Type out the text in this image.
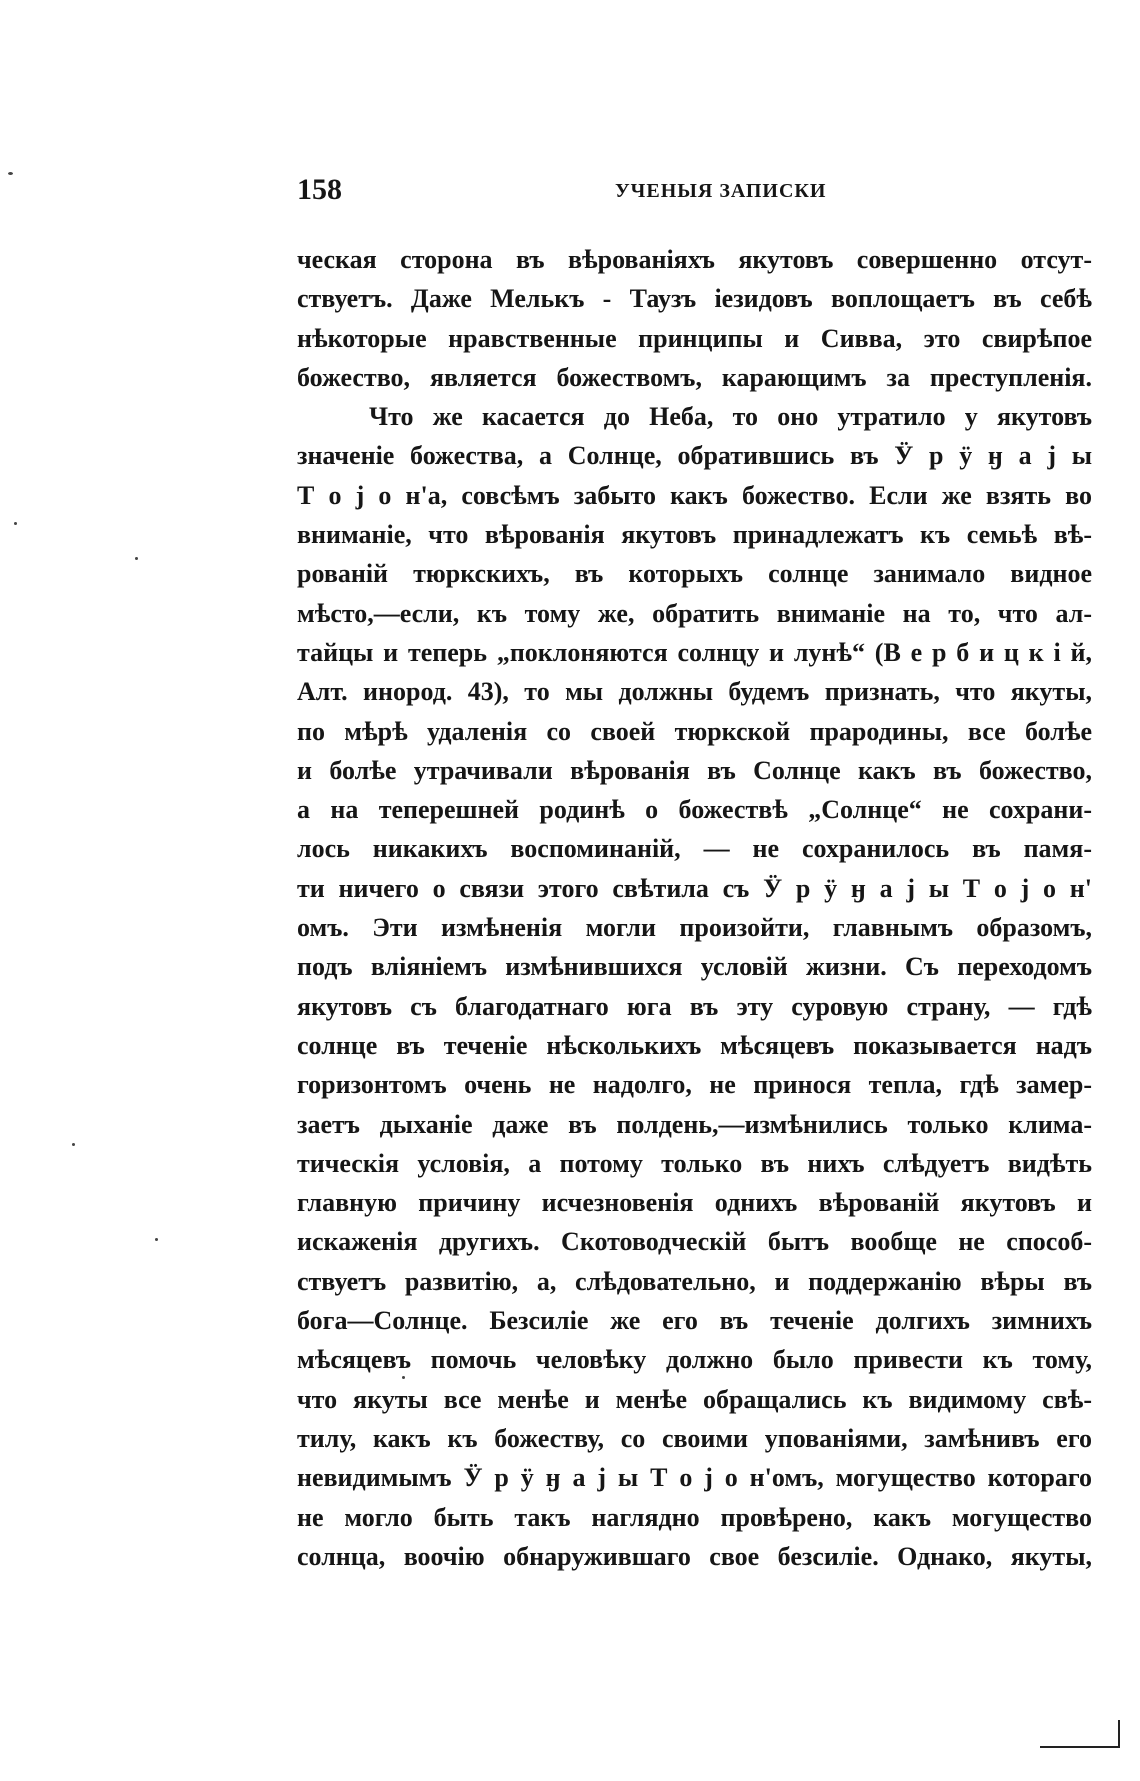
158	УЧЕНЫЯ ЗАПИСКИ
ческая сторона въ вѣрованіяхъ якутовъ совершенно отсут-
ствуетъ. Даже Мелькъ - Таузъ іезидовъ воплощаетъ въ себѣ
нѣкоторые нравственные принципы и Сивва, это свирѣпое
божество, является божествомъ, карающимъ за преступленія.
Что же касается до Неба, то оно утратило у якутовъ
значеніе божества, а Солнце, обратившись въ Ӱ р ӱ ӈ а ј ы
Т о ј о н'а, совсѣмъ забыто какъ божество. Если же взять во
вниманіе, что вѣрованія якутовъ принадлежатъ къ семьѣ вѣ-
рованій тюркскихъ, въ которыхъ солнце занимало видное
мѣсто,—если, къ тому же, обратить вниманіе на то, что ал-
тайцы и теперь „поклоняются солнцу и лунѣ“ (В е р б и ц к і й,
Алт. инород. 43), то мы должны будемъ признать, что якуты,
по мѣрѣ удаленія со своей тюркской прародины, все болѣе
и болѣе утрачивали вѣрованія въ Солнце какъ въ божество,
а на теперешней родинѣ о божествѣ „Солнце“ не сохрани-
лось никакихъ воспоминаній, — не сохранилось въ памя-
ти ничего о связи этого свѣтила съ Ӱ р ӱ ӈ а ј ы Т о ј о н'
омъ. Эти измѣненія могли произойти, главнымъ образомъ,
подъ вліяніемъ измѣнившихся условій жизни. Съ переходомъ
якутовъ съ благодатнаго юга въ эту суровую страну, — гдѣ
солнце въ теченіе нѣсколькихъ мѣсяцевъ показывается надъ
горизонтомъ очень не надолго, не принося тепла, гдѣ замер-
заетъ дыханіе даже въ полдень,—измѣнились только клима-
тическія условія, а потому только въ нихъ слѣдуетъ видѣть
главную причину исчезновенія однихъ вѣрованій якутовъ и
искаженія другихъ. Скотоводческій бытъ вообще не способ-
ствуетъ развитію, а, слѣдовательно, и поддержанію вѣры въ
бога—Солнце. Безсиліе же его въ теченіе долгихъ зимнихъ
мѣсяцевъ помочь человѣку должно было привести къ тому,
что якуты все менѣе и менѣе обращались къ видимому свѣ-
тилу, какъ къ божеству, со своими упованіями, замѣнивъ его
невидимымъ Ӱ р ӱ ӈ а ј ы Т о ј о н'омъ, могущество котораго
не могло быть такъ наглядно провѣрено, какъ могущество
солнца, воочію обнаружившаго свое безсиліе. Однако, якуты,
